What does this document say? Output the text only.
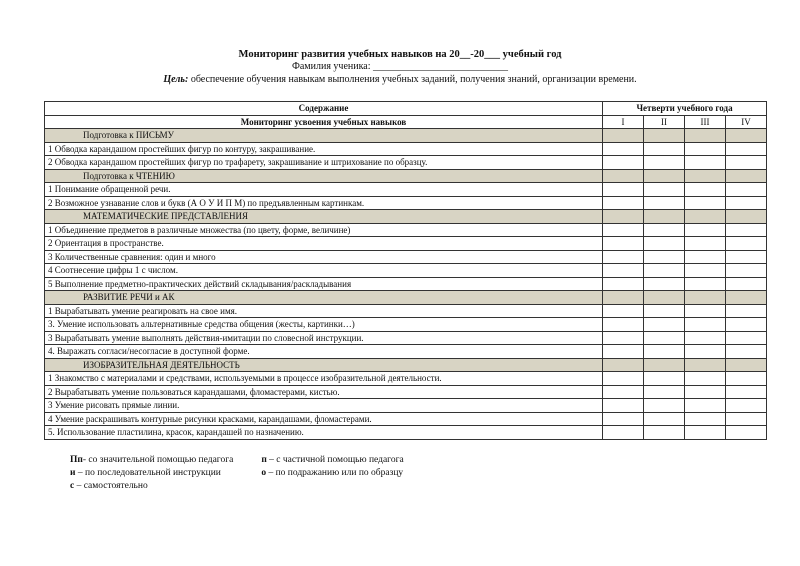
Мониторинг развития учебных навыков на 20__-20___ учебный год
Фамилия ученика: ___________________________
Цель: обеспечение обучения навыкам выполнения учебных заданий, получения знаний, организации времени.
Содержание	Четверти учебного года			
Мониторинг усвоения учебных навыков	I	II	III	IV
Подготовка к ПИСЬМУ				
1 Обводка карандашом простейших фигур по контуру, закрашивание.				
2 Обводка карандашом простейших фигур по трафарету, закрашивание и штрихование по образцу.				
Подготовка к ЧТЕНИЮ				
1 Понимание обращенной речи.				
2 Возможное узнавание слов и букв (А О У И П М) по предъявленным картинкам.				
МАТЕМАТИЧЕСКИЕ ПРЕДСТАВЛЕНИЯ				
1 Объединение предметов в различные множества (по цвету, форме, величине)				
2 Ориентация в пространстве.				
3 Количественные сравнения: один и много				
4 Соотнесение цифры 1 с числом.				
5 Выполнение предметно-практических действий складывания/раскладывания				
РАЗВИТИЕ РЕЧИ и АК				
1 Вырабатывать умение реагировать на свое имя.				
3. Умение использовать альтернативные средства общения (жесты, картинки…)				
3 Вырабатывать умение выполнять действия-имитации по словесной инструкции.				
4. Выражать согласи/несогласие в доступной форме.				
ИЗОБРАЗИТЕЛЬНАЯ ДЕЯТЕЛЬНОСТЬ				
1 Знакомство с материалами и средствами, используемыми в процессе изобразительной деятельности.				
2 Вырабатывать умение пользоваться карандашами, фломастерами, кистью.				
3 Умение рисовать прямые линии.				
4 Умение раскрашивать контурные рисунки красками, карандашами, фломастерами.				
5. Использование пластилина, красок, карандашей по назначению.				
Пп- со значительной помощью педагога
и – по последовательной инструкции
с – самостоятельно
п – с частичной помощью педагога
о – по подражанию или по образцу
